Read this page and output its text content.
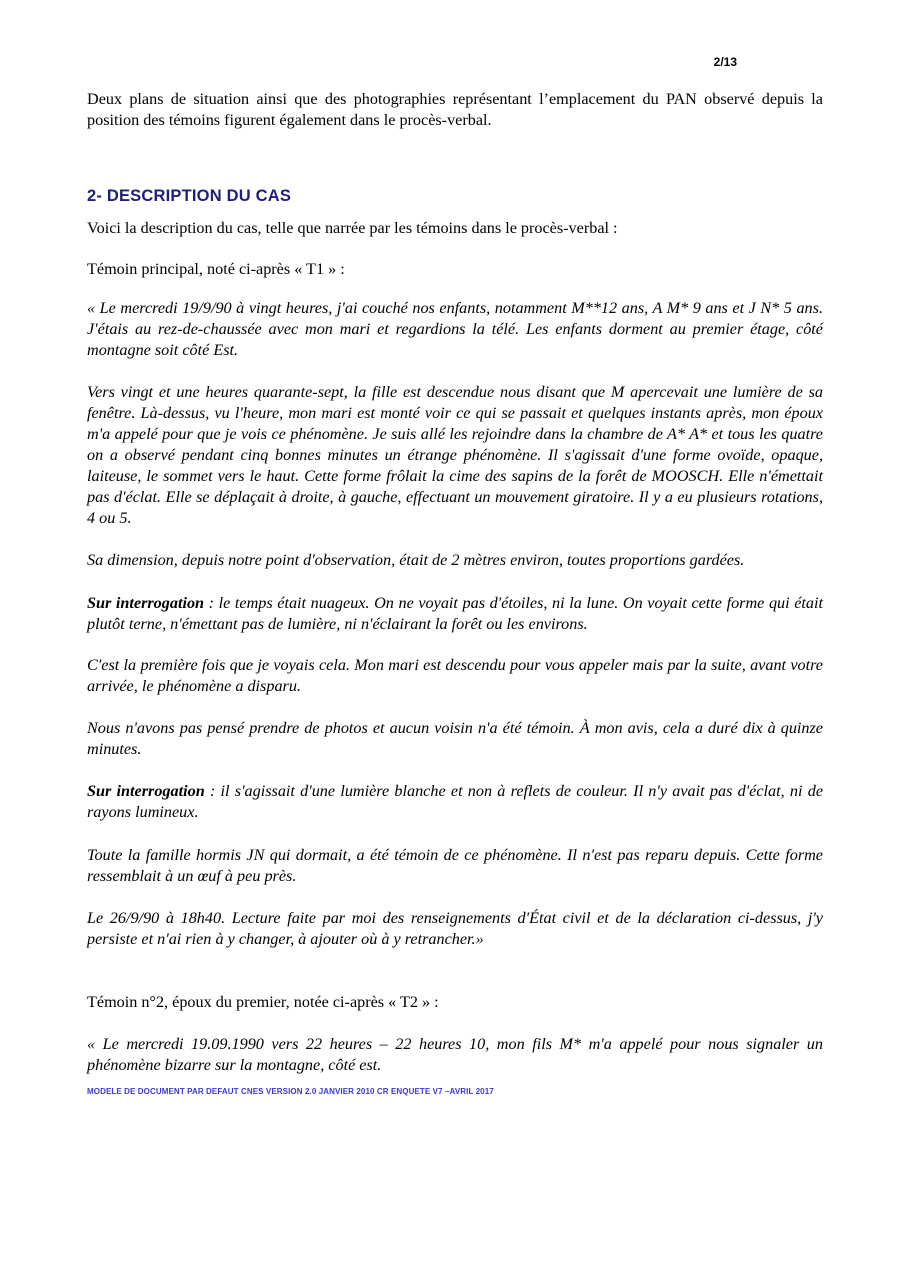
2/13

Deux plans de situation ainsi que des photographies représentant l’emplacement du PAN observé depuis la position des témoins figurent également dans le procès-verbal.

2- DESCRIPTION DU CAS

Voici la description du cas, telle que narrée par les témoins dans le procès-verbal :

Témoin principal, noté ci-après « T1 » :

« Le mercredi 19/9/90 à vingt heures, j'ai couché nos enfants, notamment M**12 ans, A M* 9 ans et J N* 5 ans. J'étais au rez-de-chaussée avec mon mari et regardions la télé. Les enfants dorment au premier étage, côté montagne soit côté Est.

Vers vingt et une heures quarante-sept, la fille est descendue nous disant que M apercevait une lumière de sa fenêtre. Là-dessus, vu l'heure, mon mari est monté voir ce qui se passait et quelques instants après, mon époux m'a appelé pour que je vois ce phénomène. Je suis allé les rejoindre dans la chambre de A* A* et tous les quatre on a observé pendant cinq bonnes minutes un étrange phénomène. Il s'agissait d'une forme ovoïde, opaque, laiteuse, le sommet vers le haut. Cette forme frôlait la cime des sapins de la forêt de MOOSCH. Elle n'émettait pas d'éclat. Elle se déplaçait à droite, à gauche, effectuant un mouvement giratoire. Il y a eu plusieurs rotations, 4 ou 5.

Sa dimension, depuis notre point d'observation, était de 2 mètres environ, toutes proportions gardées.

Sur interrogation : le temps était nuageux. On ne voyait pas d'étoiles, ni la lune. On voyait cette forme qui était plutôt terne, n'émettant pas de lumière, ni n'éclairant la forêt ou les environs.

C'est la première fois que je voyais cela. Mon mari est descendu pour vous appeler mais par la suite, avant votre arrivée, le phénomène a disparu.

Nous n'avons pas pensé prendre de photos et aucun voisin n'a été témoin. À mon avis, cela a duré dix à quinze minutes.

Sur interrogation : il s'agissait d'une lumière blanche et non à reflets de couleur. Il n'y avait pas d'éclat, ni de rayons lumineux.

Toute la famille hormis JN qui dormait, a été témoin de ce phénomène. Il n'est pas reparu depuis. Cette forme ressemblait à un œuf à peu près.

Le 26/9/90 à 18h40. Lecture faite par moi des renseignements d'État civil et de la déclaration ci-dessus, j'y persiste et n'ai rien à y changer, à ajouter où à y retrancher.»

Témoin n°2, époux du premier, notée ci-après « T2 » :

« Le mercredi 19.09.1990 vers 22 heures – 22 heures 10, mon fils M* m'a appelé pour nous signaler un phénomène bizarre sur la montagne, côté est.

MODELE DE DOCUMENT PAR DEFAUT CNES VERSION 2.0 JANVIER 2010 CR ENQUETE V7 –AVRIL 2017
